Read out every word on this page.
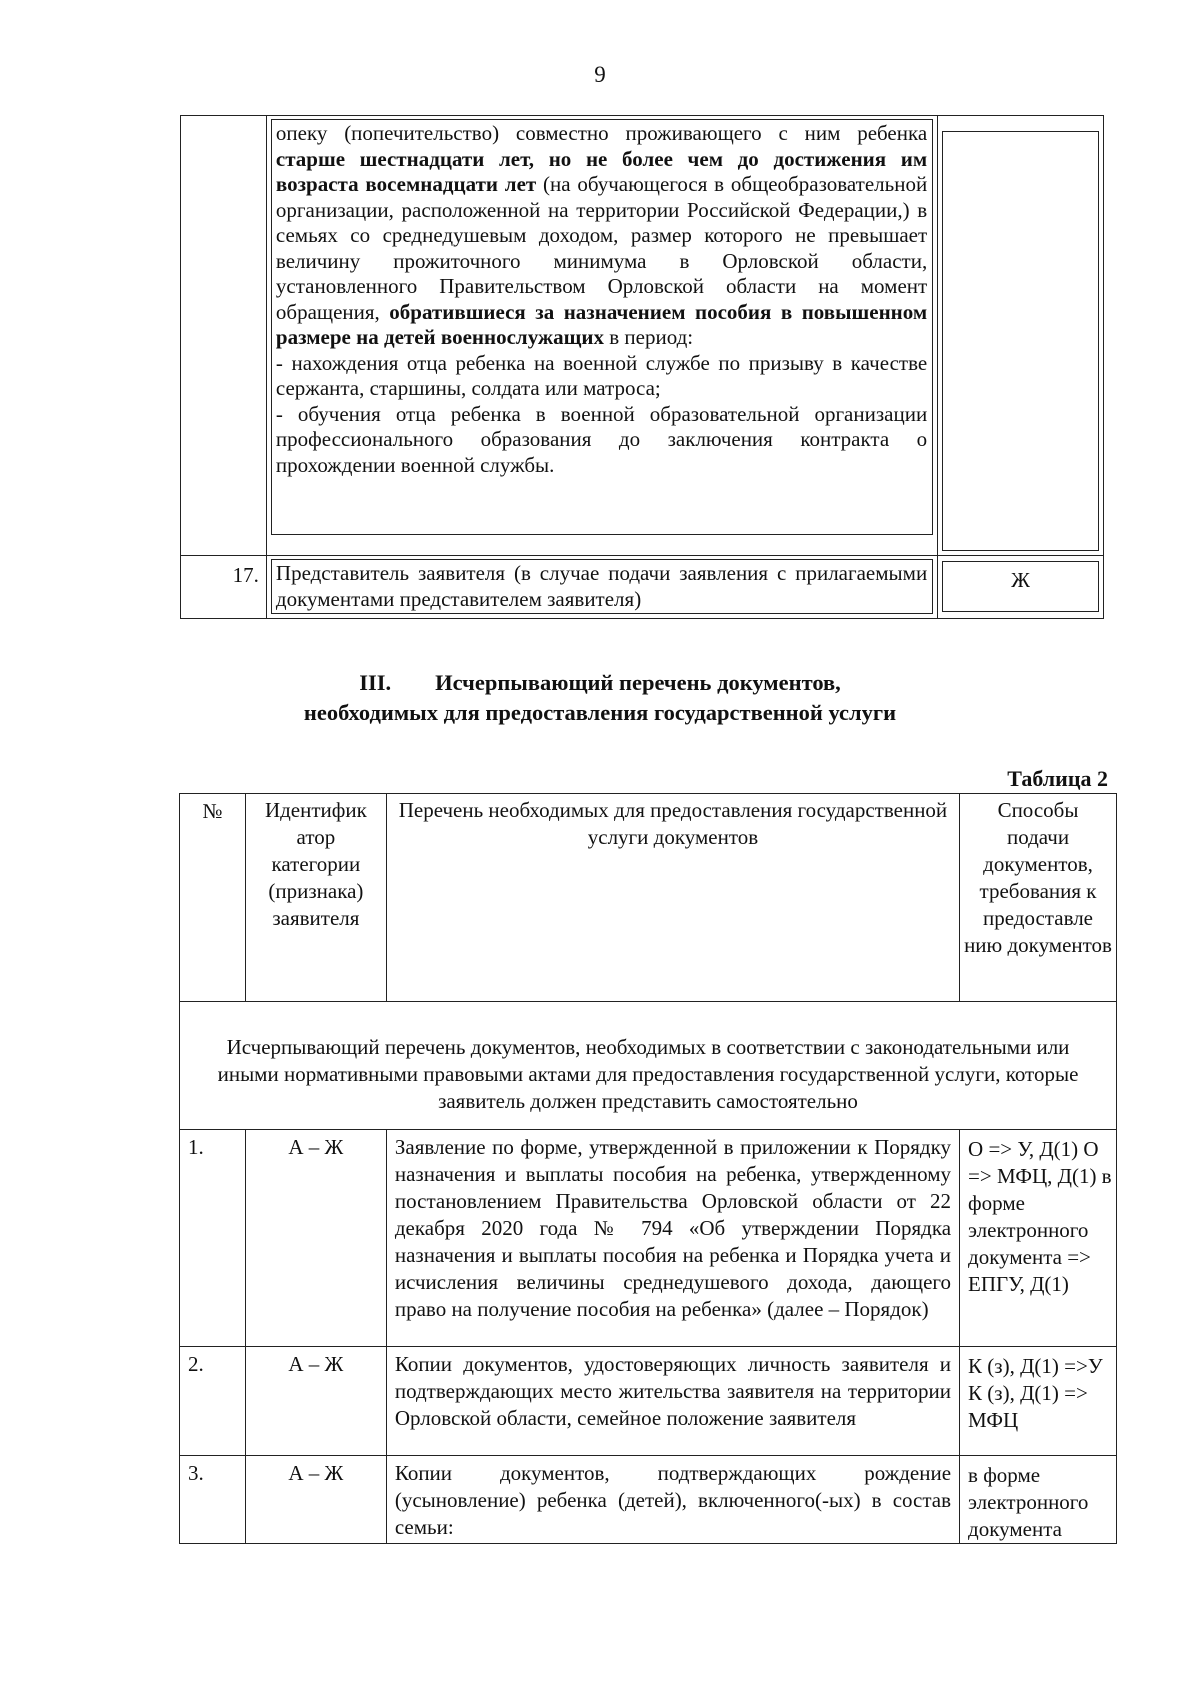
9

	опеку (попечительство) совместно проживающего с ним ребенка старше шестнадцати лет, но не более чем до достижения им возраста восемнадцати лет (на обучающегося в общеобразовательной организации, расположенной на территории Российской Федерации,) в семьях со среднедушевым доходом, размер которого не превышает величину прожиточного минимума в Орловской области, установленного Правительством Орловской области на момент обращения, обратившиеся за назначением пособия в повышенном размере на детей военнослужащих в период:
- нахождения отца ребенка на военной службе по призыву в качестве сержанта, старшины, солдата или матроса;
- обучения отца ребенка в военной образовательной организации профессионального образования до заключения контракта о прохождении военной службы.	

17.	Представитель заявителя (в случае подачи заявления с прилагаемыми документами представителем заявителя)	Ж
III. Исчерпывающий перечень документов,
необходимых для предоставления государственной услуги
Таблица 2
№	Идентифик атор категории (признака) заявителя	Перечень необходимых для предоставления государственной услуги документов	Способы подачи документов, требования к предоставле нию документов
Исчерпывающий перечень документов, необходимых в соответствии с законодательными или иными нормативными правовыми актами для предоставления государственной услуги, которые заявитель должен представить самостоятельно			
1.	А – Ж	Заявление по форме, утвержденной в приложении к Порядку назначения и выплаты пособия на ребенка, утвержденному постановлением Правительства Орловской области от 22 декабря 2020 года № 794 «Об утверждении Порядка назначения и выплаты пособия на ребенка и Порядка учета и исчисления величины среднедушевого дохода, дающего право на получение пособия на ребенка» (далее – Порядок)	О => У, Д(1) О => МФЦ, Д(1) в форме электронного документа => ЕПГУ, Д(1)
2.	А – Ж	Копии документов, удостоверяющих личность заявителя и подтверждающих место жительства заявителя на территории Орловской области, семейное положение заявителя	К (з), Д(1) =>У К (з), Д(1) => МФЦ
3.	А – Ж	Копии документов, подтверждающих рождение (усыновление) ребенка (детей), включенного(-ых) в состав семьи:	в форме электронного документа
